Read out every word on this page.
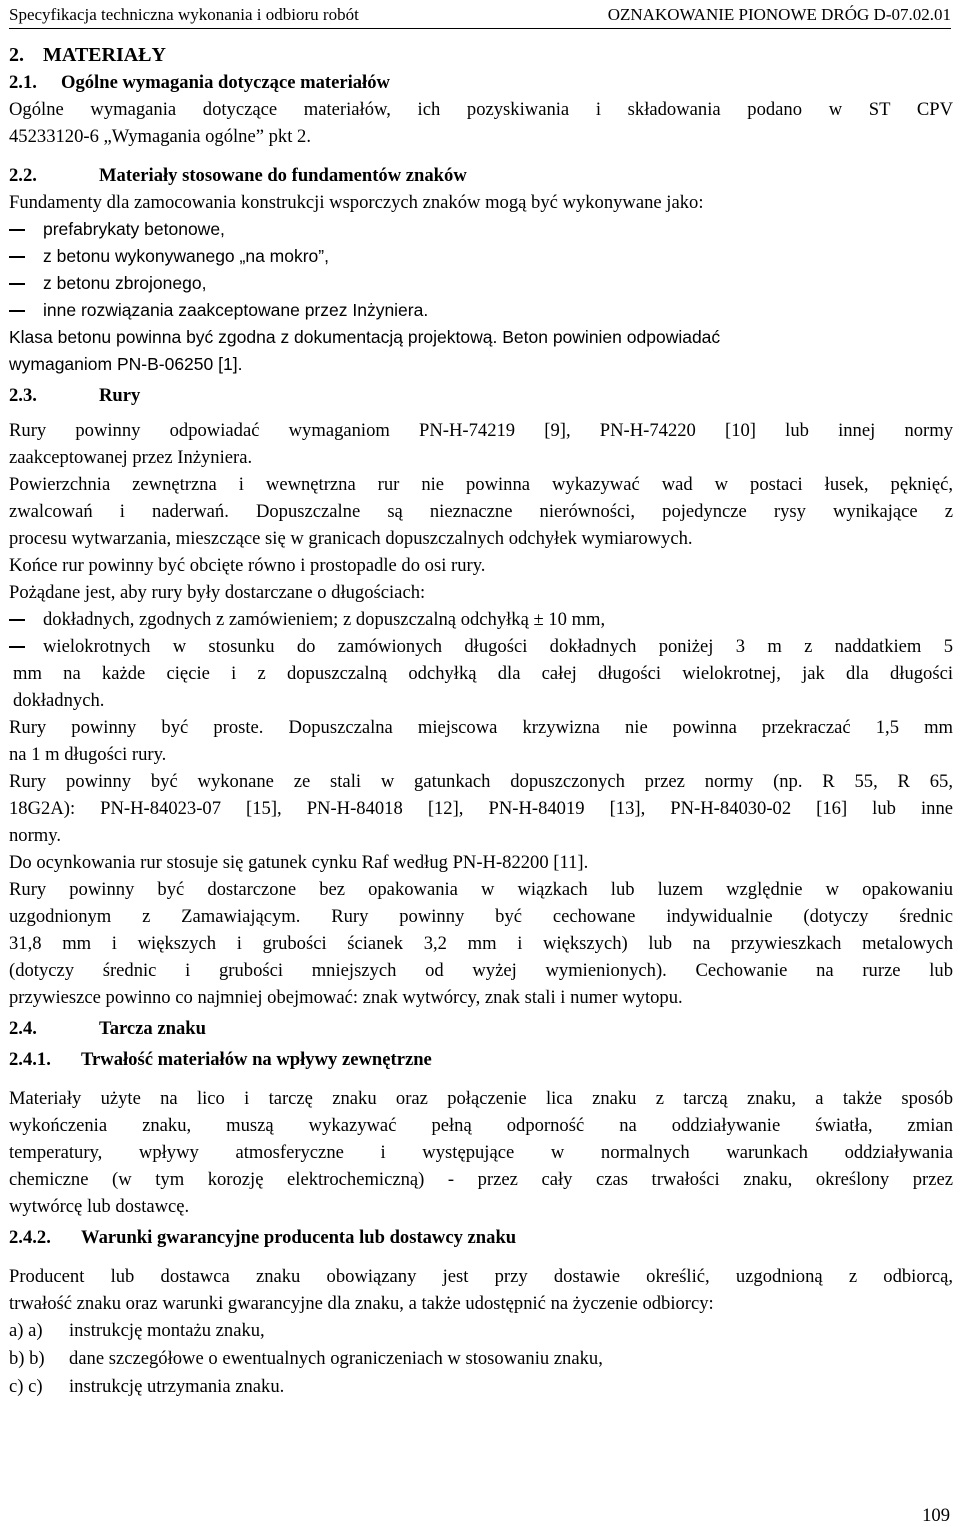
Specyfikacja techniczna wykonania i odbioru robót	OZNAKOWANIE PIONOWE DRÓG D-07.02.01
2. MATERIAŁY
2.1. Ogólne wymagania dotyczące materiałów
Ogólne wymagania dotyczące materiałów, ich pozyskiwania i składowania podano w ST CPV
45233120-6 „Wymagania ogólne” pkt 2.
2.2.	Materiały stosowane do fundamentów znaków
Fundamenty dla zamocowania konstrukcji wsporczych znaków mogą być wykonywane jako:
prefabrykaty betonowe,
z betonu wykonywanego „na mokro”,
z betonu zbrojonego,
inne rozwiązania zaakceptowane przez Inżyniera.
Klasa betonu powinna być zgodna z dokumentacją projektową. Beton powinien odpowiadać
wymaganiom PN-B-06250 [1].
2.3.	Rury
Rury powinny odpowiadać wymaganiom PN-H-74219 [9], PN-H-74220 [10] lub innej normy
zaakceptowanej przez Inżyniera.
Powierzchnia zewnętrzna i wewnętrzna rur nie powinna wykazywać wad w postaci łusek, pęknięć,
zwalcowań i naderwań. Dopuszczalne są nieznaczne nierówności, pojedyncze rysy wynikające z
procesu wytwarzania, mieszczące się w granicach dopuszczalnych odchyłek wymiarowych.
Końce rur powinny być obcięte równo i prostopadle do osi rury.
Pożądane jest, aby rury były dostarczane o długościach:
dokładnych, zgodnych z zamówieniem; z dopuszczalną odchyłką ± 10 mm,
wielokrotnych w stosunku do zamówionych długości dokładnych poniżej 3 m z naddatkiem 5
mm na każde cięcie i z dopuszczalną odchyłką dla całej długości wielokrotnej, jak dla długości
dokładnych.
Rury powinny być proste. Dopuszczalna miejscowa krzywizna nie powinna przekraczać 1,5 mm
na 1 m długości rury.
Rury powinny być wykonane ze stali w gatunkach dopuszczonych przez normy (np. R 55, R 65,
18G2A): PN-H-84023-07 [15], PN-H-84018 [12], PN-H-84019 [13], PN-H-84030-02 [16] lub inne
normy.
Do ocynkowania rur stosuje się gatunek cynku Raf według PN-H-82200 [11].
Rury powinny być dostarczone bez opakowania w wiązkach lub luzem względnie w opakowaniu
uzgodnionym z Zamawiającym. Rury powinny być cechowane indywidualnie (dotyczy średnic
31,8 mm i większych i grubości ścianek 3,2 mm i większych) lub na przywieszkach metalowych
(dotyczy średnic i grubości mniejszych od wyżej wymienionych). Cechowanie na rurze lub
przywieszce powinno co najmniej obejmować: znak wytwórcy, znak stali i numer wytopu.
2.4.	Tarcza znaku
2.4.1. Trwałość materiałów na wpływy zewnętrzne
Materiały użyte na lico i tarczę znaku oraz połączenie lica znaku z tarczą znaku, a także sposób
wykończenia znaku, muszą wykazywać pełną odporność na oddziaływanie światła, zmian
temperatury, wpływy atmosferyczne i występujące w normalnych warunkach oddziaływania
chemiczne (w tym korozję elektrochemiczną) - przez cały czas trwałości znaku, określony przez
wytwórcę lub dostawcę.
2.4.2. Warunki gwarancyjne producenta lub dostawcy znaku
Producent lub dostawca znaku obowiązany jest przy dostawie określić, uzgodnioną z odbiorcą,
trwałość znaku oraz warunki gwarancyjne dla znaku, a także udostępnić na życzenie odbiorcy:
a) a) instrukcję montażu znaku,
b) b) dane szczegółowe o ewentualnych ograniczeniach w stosowaniu znaku,
c) c) instrukcję utrzymania znaku.
109
